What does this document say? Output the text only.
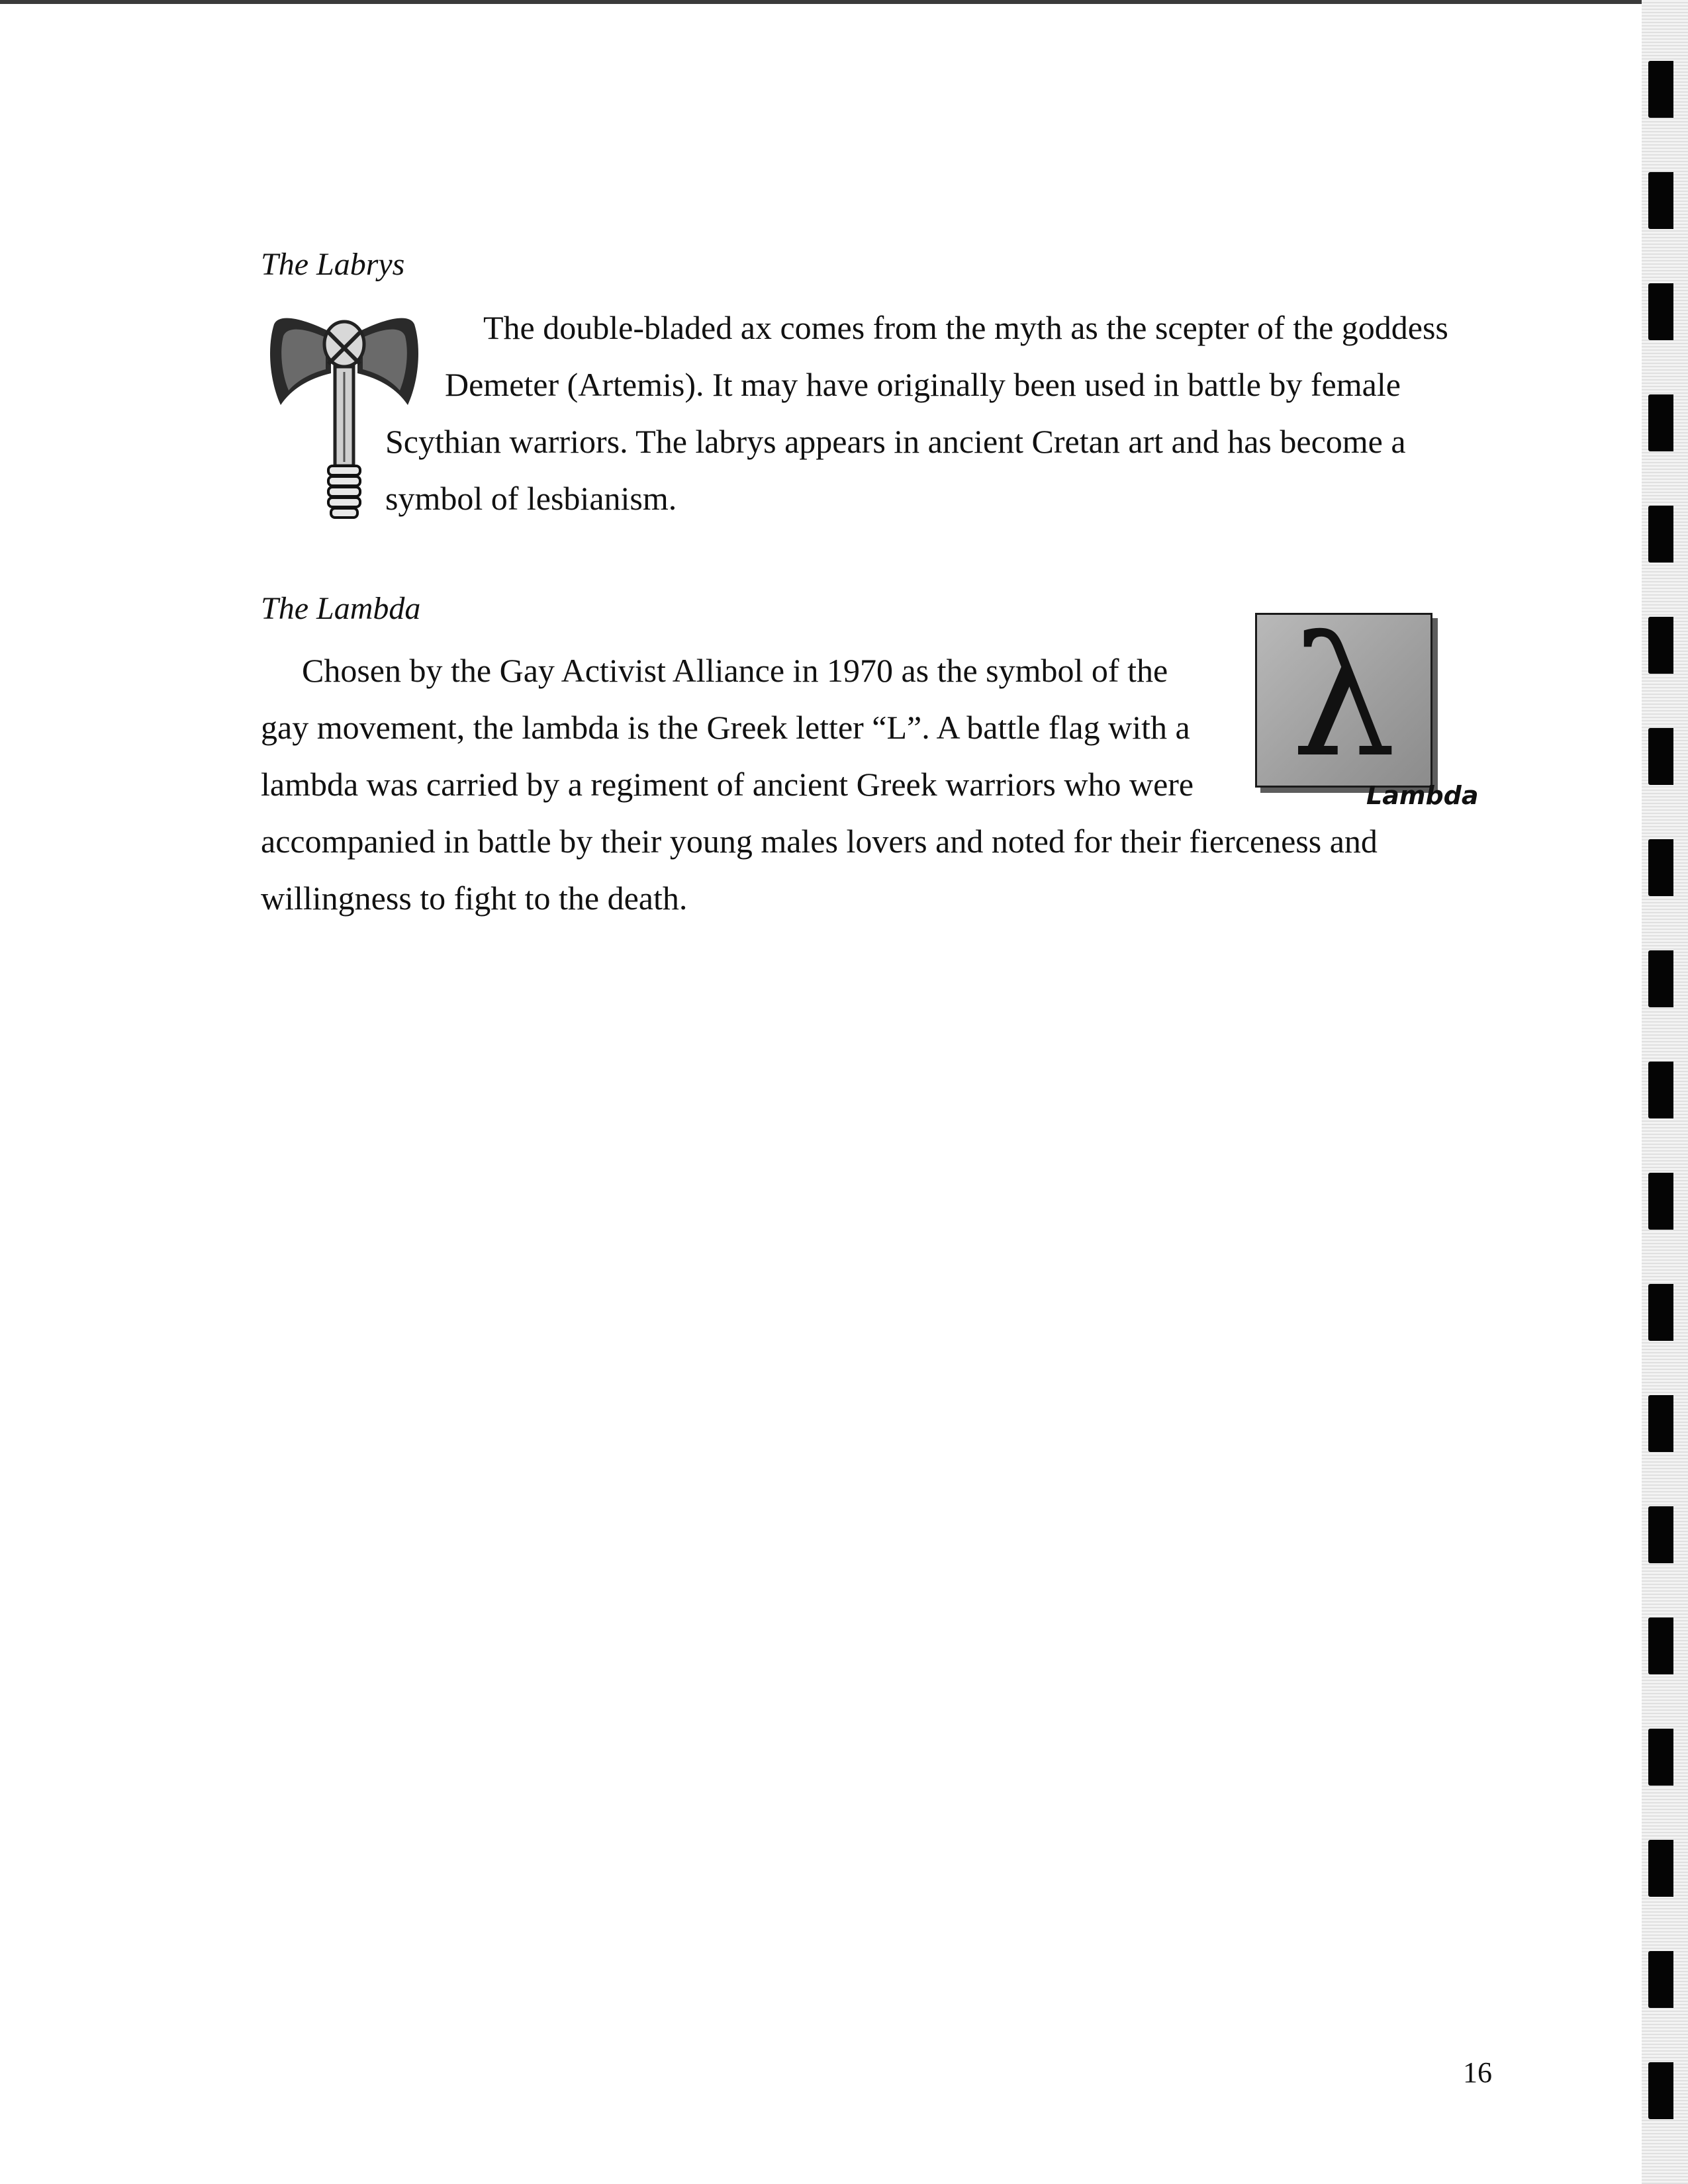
The Labrys
The double-bladed ax comes from the myth as the scepter of the goddess
Demeter (Artemis). It may have originally been used in battle by female
Scythian warriors. The labrys appears in ancient Cretan art and has become a
symbol of lesbianism.
The Lambda	λ
Lambda
Chosen by the Gay Activist Alliance in 1970 as the symbol of the
gay movement, the lambda is the Greek letter “L”. A battle flag with a
lambda was carried by a regiment of ancient Greek warriors who were
accompanied in battle by their young males lovers and noted for their fierceness and
willingness to fight to the death.
16
